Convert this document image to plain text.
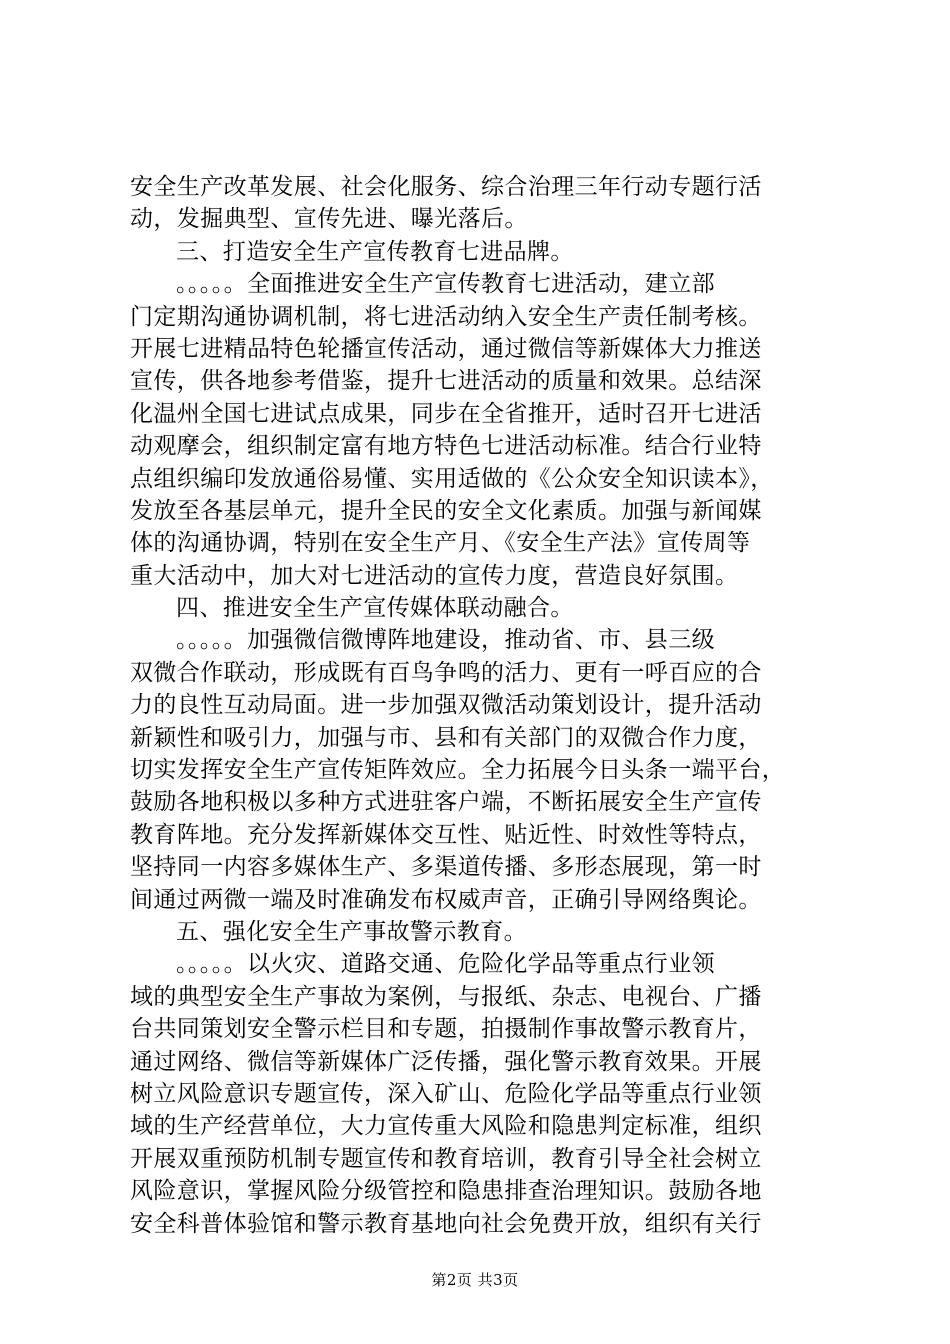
安全生产改革发展、社会化服务、综合治理三年行动专题行活
动，发掘典型、宣传先进、曝光落后。
三、打造安全生产宣传教育七进品牌。
。。。。。全面推进安全生产宣传教育七进活动，建立部
门定期沟通协调机制，将七进活动纳入安全生产责任制考核。
开展七进精品特色轮播宣传活动，通过微信等新媒体大力推送
宣传，供各地参考借鉴，提升七进活动的质量和效果。总结深
化温州全国七进试点成果，同步在全省推开，适时召开七进活
动观摩会，组织制定富有地方特色七进活动标准。结合行业特
点组织编印发放通俗易懂、实用适做的《公众安全知识读本》，
发放至各基层单元，提升全民的安全文化素质。加强与新闻媒
体的沟通协调，特别在安全生产月、《安全生产法》宣传周等
重大活动中，加大对七进活动的宣传力度，营造良好氛围。
四、推进安全生产宣传媒体联动融合。
。。。。。加强微信微博阵地建设，推动省、市、县三级
双微合作联动，形成既有百鸟争鸣的活力、更有一呼百应的合
力的良性互动局面。进一步加强双微活动策划设计，提升活动
新颖性和吸引力，加强与市、县和有关部门的双微合作力度，
切实发挥安全生产宣传矩阵效应。全力拓展今日头条一端平台，
鼓励各地积极以多种方式进驻客户端，不断拓展安全生产宣传
教育阵地。充分发挥新媒体交互性、贴近性、时效性等特点，
坚持同一内容多媒体生产、多渠道传播、多形态展现，第一时
间通过两微一端及时准确发布权威声音，正确引导网络舆论。
五、强化安全生产事故警示教育。
。。。。。以火灾、道路交通、危险化学品等重点行业领
域的典型安全生产事故为案例，与报纸、杂志、电视台、广播
台共同策划安全警示栏目和专题，拍摄制作事故警示教育片，
通过网络、微信等新媒体广泛传播，强化警示教育效果。开展
树立风险意识专题宣传，深入矿山、危险化学品等重点行业领
域的生产经营单位，大力宣传重大风险和隐患判定标准，组织
开展双重预防机制专题宣传和教育培训，教育引导全社会树立
风险意识，掌握风险分级管控和隐患排查治理知识。鼓励各地
安全科普体验馆和警示教育基地向社会免费开放，组织有关行
第2页 共3页
